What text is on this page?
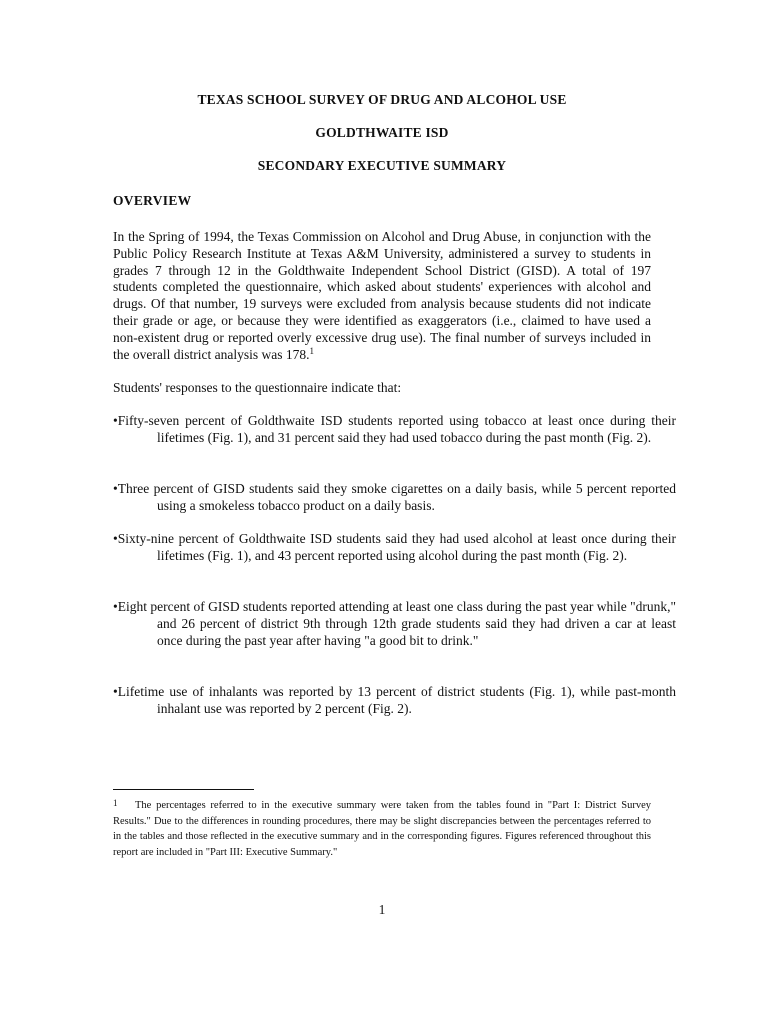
TEXAS SCHOOL SURVEY OF DRUG AND ALCOHOL USE
GOLDTHWAITE ISD
SECONDARY EXECUTIVE SUMMARY
OVERVIEW
In the Spring of 1994, the Texas Commission on Alcohol and Drug Abuse, in conjunction with the Public Policy Research Institute at Texas A&M University, administered a survey to students in grades 7 through 12 in the Goldthwaite Independent School District (GISD). A total of 197 students completed the questionnaire, which asked about students' experiences with alcohol and drugs. Of that number, 19 surveys were excluded from analysis because students did not indicate their grade or age, or because they were identified as exaggerators (i.e., claimed to have used a non-existent drug or reported overly excessive drug use). The final number of surveys included in the overall district analysis was 178.$^1$
Students' responses to the questionnaire indicate that:
•Fifty-seven percent of Goldthwaite ISD students reported using tobacco at least once during their lifetimes (Fig. 1), and 31 percent said they had used tobacco during the past month (Fig. 2).
•Three percent of GISD students said they smoke cigarettes on a daily basis, while 5 percent reported using a smokeless tobacco product on a daily basis.
•Sixty-nine percent of Goldthwaite ISD students said they had used alcohol at least once during their lifetimes (Fig. 1), and 43 percent reported using alcohol during the past month (Fig. 2).
•Eight percent of GISD students reported attending at least one class during the past year while "drunk," and 26 percent of district 9th through 12th grade students said they had driven a car at least once during the past year after having "a good bit to drink."
•Lifetime use of inhalants was reported by 13 percent of district students (Fig. 1), while past-month inhalant use was reported by 2 percent (Fig. 2).
1 The percentages referred to in the executive summary were taken from the tables found in "Part I: District Survey Results." Due to the differences in rounding procedures, there may be slight discrepancies between the percentages referred to in the tables and those reflected in the executive summary and in the corresponding figures. Figures referenced throughout this report are included in "Part III: Executive Summary."
1
